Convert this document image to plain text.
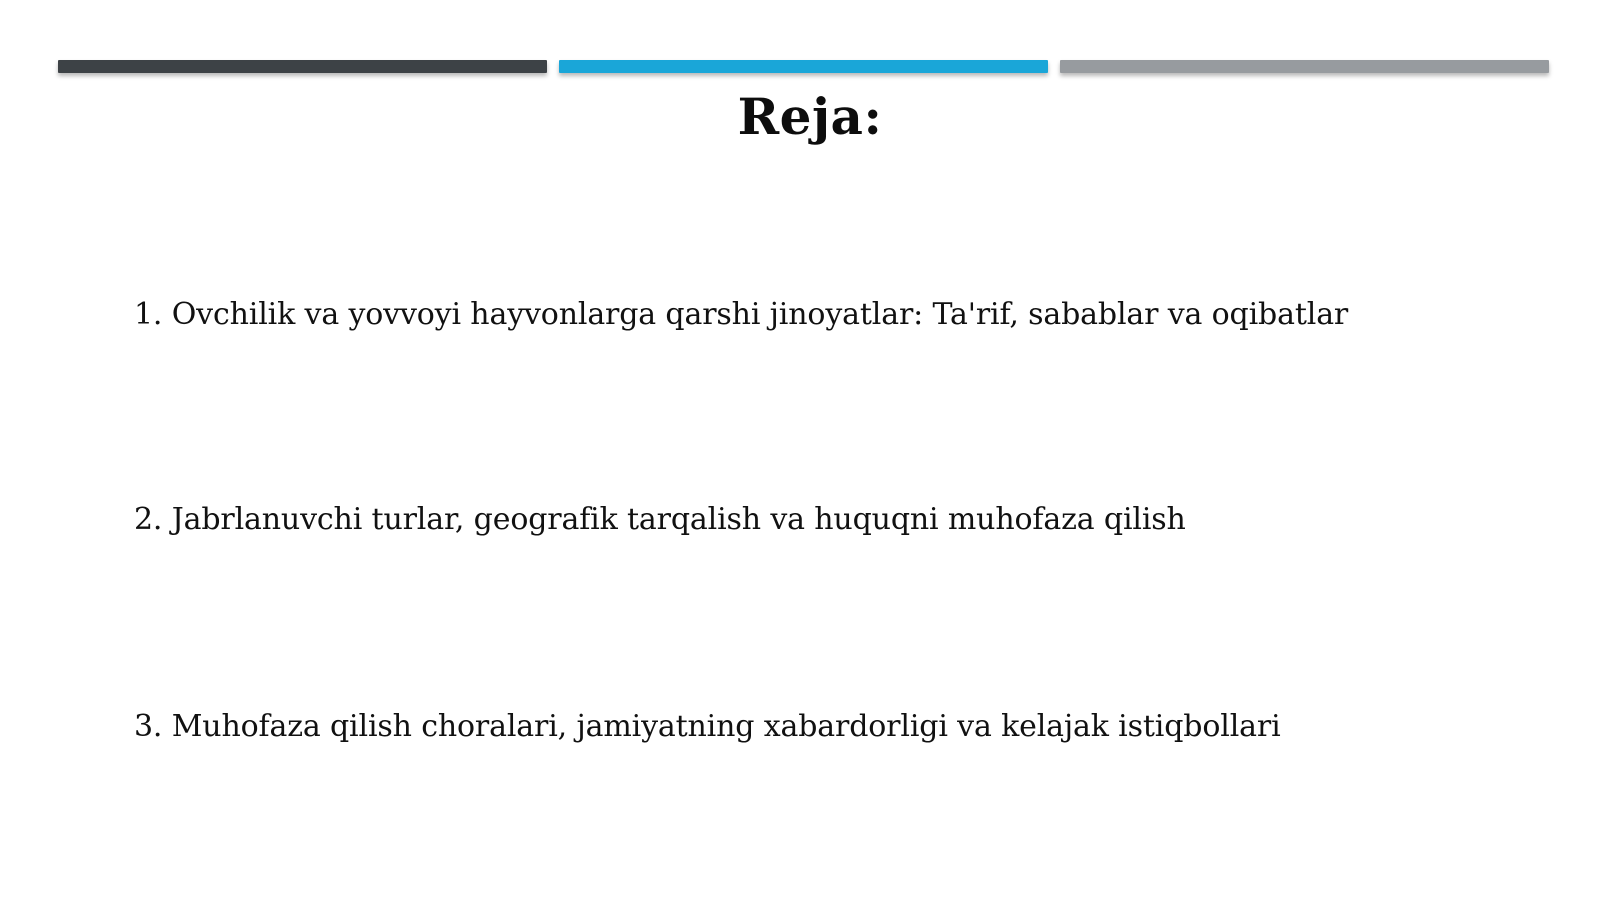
Reja:
1. Ovchilik va yovvoyi hayvonlarga qarshi jinoyatlar: Ta'rif, sabablar va oqibatlar
2. Jabrlanuvchi turlar, geografik tarqalish va huquqni muhofaza qilish
3. Muhofaza qilish choralari, jamiyatning xabardorligi va kelajak istiqbollari
